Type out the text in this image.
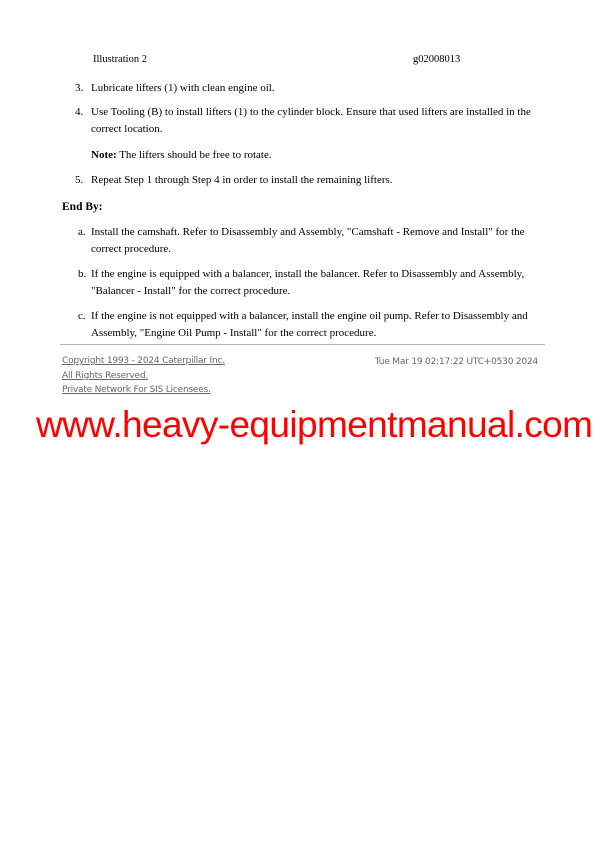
Illustration 2	g02008013
3. Lubricate lifters (1) with clean engine oil.
4. Use Tooling (B) to install lifters (1) to the cylinder block. Ensure that used lifters are installed in the correct location.
Note: The lifters should be free to rotate.
5. Repeat Step 1 through Step 4 in order to install the remaining lifters.
End By:
a. Install the camshaft. Refer to Disassembly and Assembly, "Camshaft - Remove and Install" for the correct procedure.
b. If the engine is equipped with a balancer, install the balancer. Refer to Disassembly and Assembly, "Balancer - Install" for the correct procedure.
c. If the engine is not equipped with a balancer, install the engine oil pump. Refer to Disassembly and Assembly, "Engine Oil Pump - Install" for the correct procedure.
Copyright 1993 - 2024 Caterpillar Inc.
All Rights Reserved.
Private Network For SIS Licensees.
Tue Mar 19 02:17:22 UTC+0530 2024
www.heavy-equipmentmanual.com
